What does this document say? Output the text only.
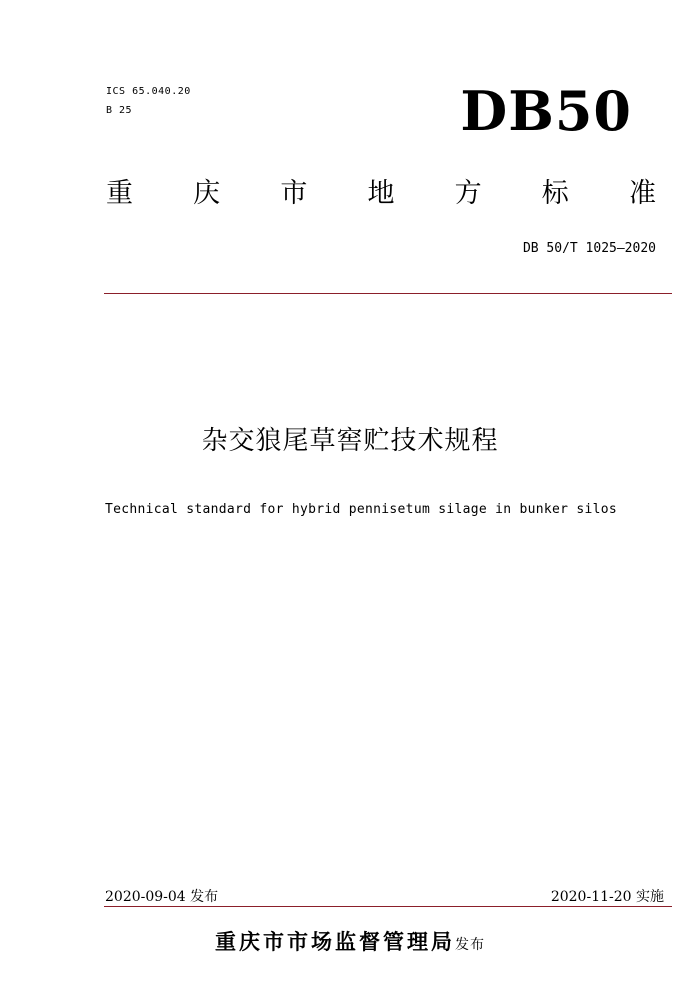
ICS 65.040.20
B 25	DB50
重 庆 市 地 方 标 准
DB 50/T 1025—2020
杂交狼尾草窖贮技术规程
Technical standard for hybrid pennisetum silage in bunker silos
2020-09-04 发布	2020-11-20 实施
重庆市市场监督管理局发布
